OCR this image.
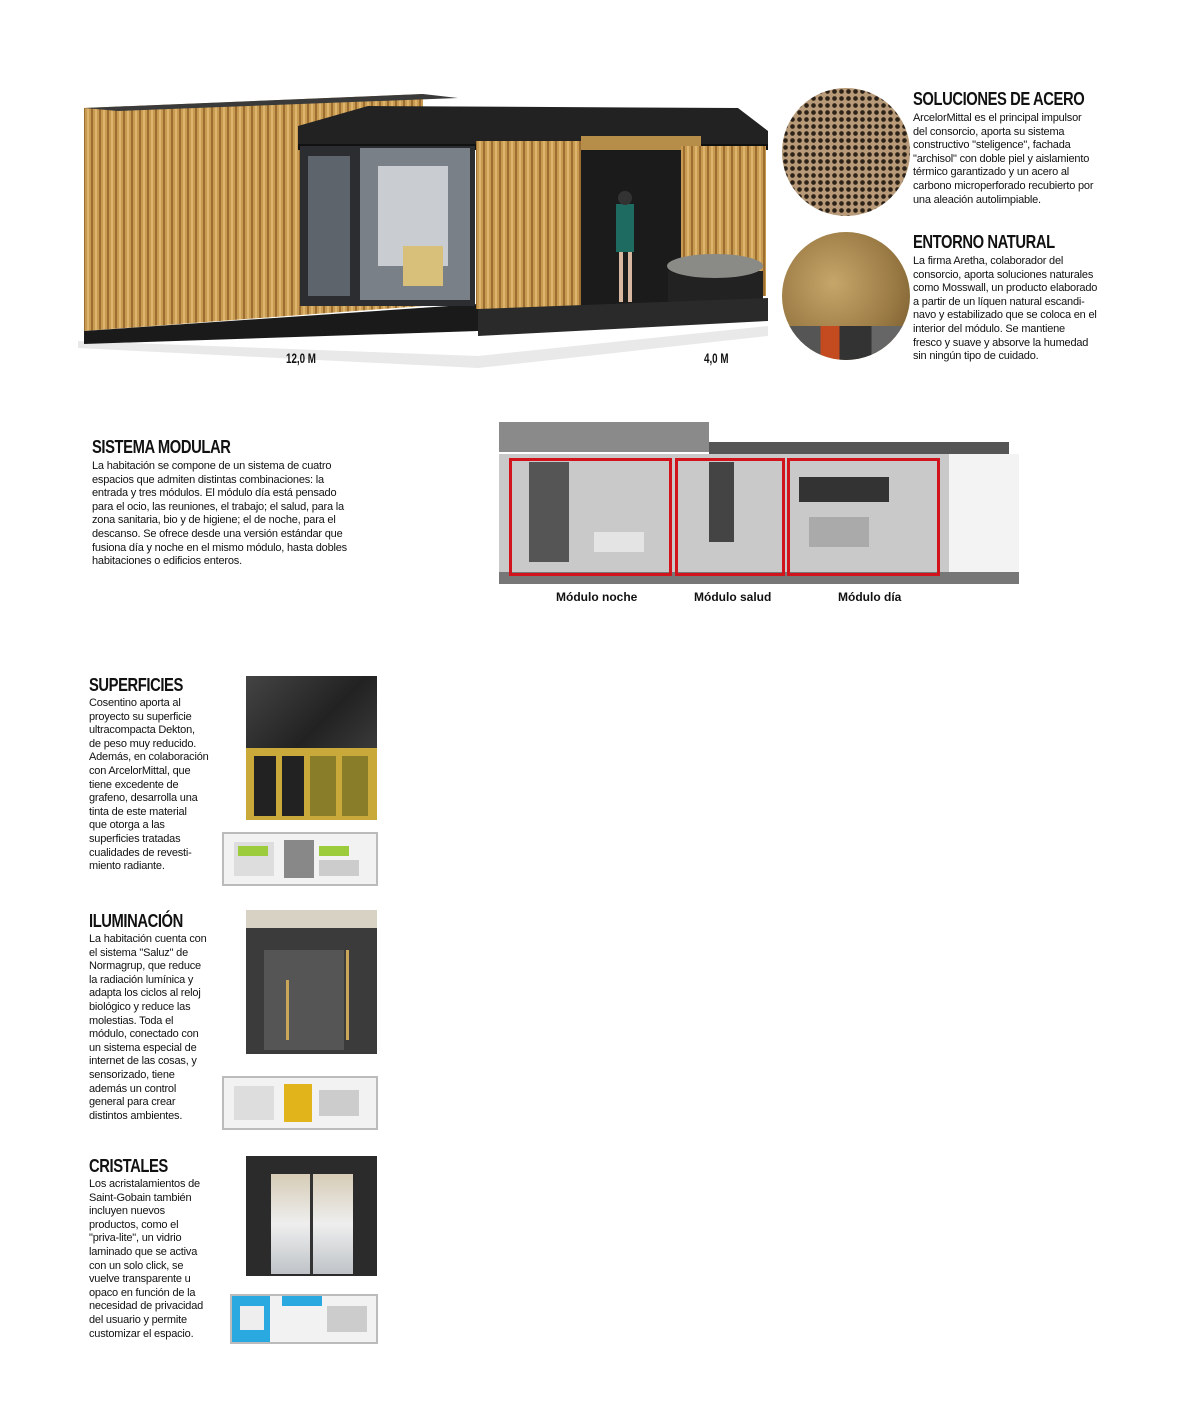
12,0 M	4,0 M
SOLUCIONES DE ACERO
ArcelorMittal es el principal impulsor
del consorcio, aporta su sistema
constructivo "steligence", fachada
"archisol" con doble piel y aislamiento
térmico garantizado y un acero al
carbono microperforado recubierto por
una aleación autolimpiable.
ENTORNO NATURAL
La firma Aretha, colaborador del
consorcio, aporta soluciones naturales
como Mosswall, un producto elaborado
a partir de un líquen natural escandi-
navo y estabilizado que se coloca en el
interior del módulo. Se mantiene
fresco y suave y absorve la humedad
sin ningún tipo de cuidado.
SISTEMA MODULAR
La habitación se compone de un sistema de cuatro
espacios que admiten distintas combinaciones: la
entrada y tres módulos. El módulo día está pensado
para el ocio, las reuniones, el trabajo; el salud, para la
zona sanitaria, bio y de higiene; el de noche, para el
descanso. Se ofrece desde una versión estándar que
fusiona día y noche en el mismo módulo, hasta dobles
habitaciones o edificios enteros.
Módulo noche	Módulo salud	Módulo día
SUPERFICIES
Cosentino aporta al
proyecto su superficie
ultracompacta Dekton,
de peso muy reducido.
Además, en colaboración
con ArcelorMittal, que
tiene excedente de
grafeno, desarrolla una
tinta de este material
que otorga a las
superficies tratadas
cualidades de revesti-
miento radiante.
ILUMINACIÓN
La habitación cuenta con
el sistema "Saluz" de
Normagrup, que reduce
la radiación lumínica y
adapta los ciclos al reloj
biológico y reduce las
molestias. Toda el
módulo, conectado con
un sistema especial de
internet de las cosas, y
sensorizado, tiene
además un control
general para crear
distintos ambientes.
CRISTALES
Los acristalamientos de
Saint-Gobain también
incluyen nuevos
productos, como el
"priva-lite", un vidrio
laminado que se activa
con un solo click, se
vuelve transparente u
opaco en función de la
necesidad de privacidad
del usuario y permite
customizar el espacio.
